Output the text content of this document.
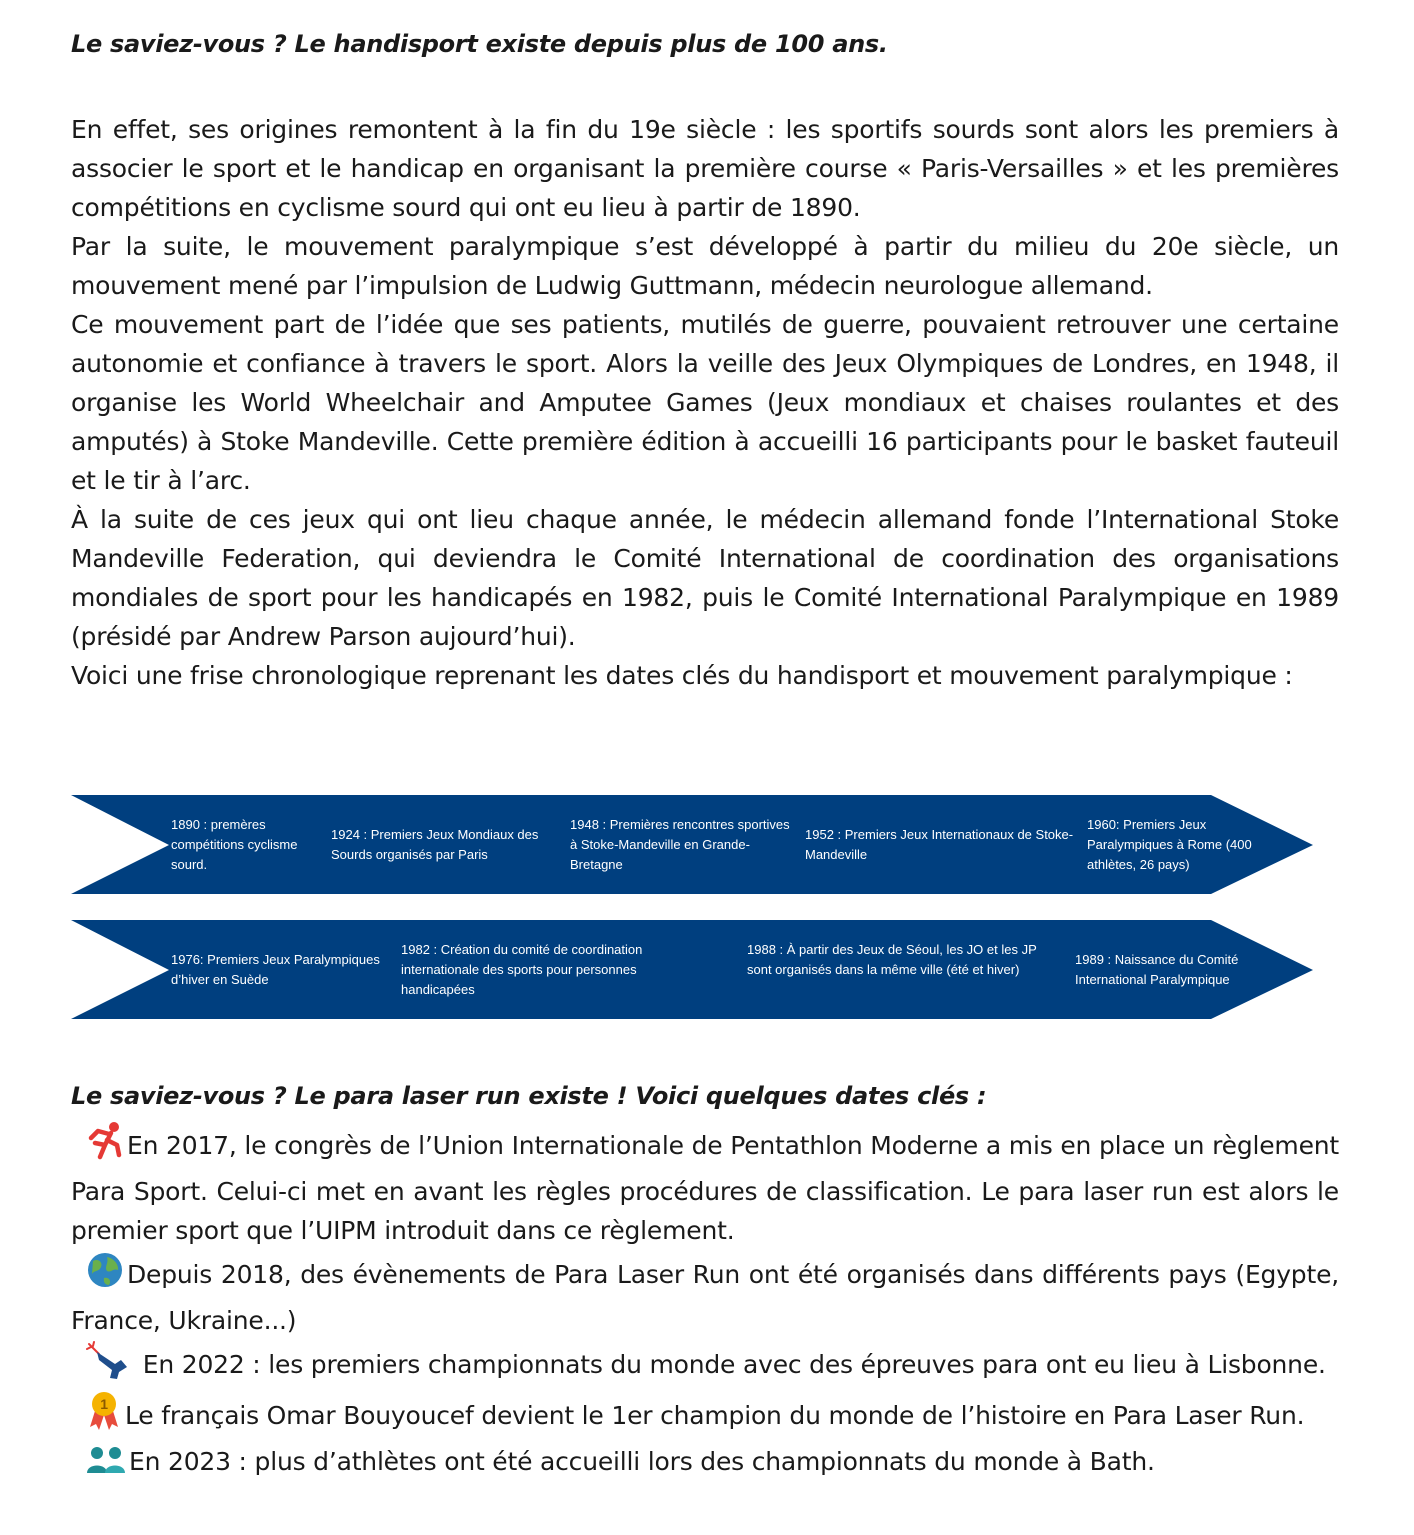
Le saviez-vous ? Le handisport existe depuis plus de 100 ans.

En effet, ses origines remontent à la fin du 19e siècle : les sportifs sourds sont alors les premiers à associer le sport et le handicap en organisant la première course « Paris-Versailles » et les premières compétitions en cyclisme sourd qui ont eu lieu à partir de 1890.

Par la suite, le mouvement paralympique s’est développé à partir du milieu du 20e siècle, un mouvement mené par l’impulsion de Ludwig Guttmann, médecin neurologue allemand.

Ce mouvement part de l’idée que ses patients, mutilés de guerre, pouvaient retrouver une certaine autonomie et confiance à travers le sport. Alors la veille des Jeux Olympiques de Londres, en 1948, il organise les World Wheelchair and Amputee Games (Jeux mondiaux et chaises roulantes et des amputés) à Stoke Mandeville. Cette première édition à accueilli 16 participants pour le basket fauteuil et le tir à l’arc.

À la suite de ces jeux qui ont lieu chaque année, le médecin allemand fonde l’International Stoke Mandeville Federation, qui deviendra le Comité International de coordination des organisations mondiales de sport pour les handicapés en 1982, puis le Comité International Paralympique en 1989 (présidé par Andrew Parson aujourd’hui).

Voici une frise chronologique reprenant les dates clés du handisport et mouvement paralympique :

1890 : premères compétitions cyclisme sourd.
1924 : Premiers Jeux Mondiaux des Sourds organisés par Paris
1948 : Premières rencontres sportives à Stoke-Mandeville en Grande-Bretagne
1952 : Premiers Jeux Internationaux de Stoke-Mandeville
1960: Premiers Jeux Paralympiques à Rome (400 athlètes, 26 pays)
1976: Premiers Jeux Paralympiques d’hiver en Suède
1982 : Création du comité de coordination internationale des sports pour personnes handicapées
1988 : À partir des Jeux de Séoul, les JO et les JP sont organisés dans la même ville (été et hiver)
1989 : Naissance du Comité International Paralympique

Le saviez-vous ? Le para laser run existe ! Voici quelques dates clés :

En 2017, le congrès de l’Union Internationale de Pentathlon Moderne a mis en place un règlement Para Sport. Celui-ci met en avant les règles procédures de classification. Le para laser run est alors le premier sport que l’UIPM introduit dans ce règlement.

Depuis 2018, des évènements de Para Laser Run ont été organisés dans différents pays (Egypte, France, Ukraine...)

En 2022 : les premiers championnats du monde avec des épreuves para ont eu lieu à Lisbonne.

1 Le français Omar Bouyoucef devient le 1er champion du monde de l’histoire en Para Laser Run.

En 2023 : plus d’athlètes ont été accueilli lors des championnats du monde à Bath.
